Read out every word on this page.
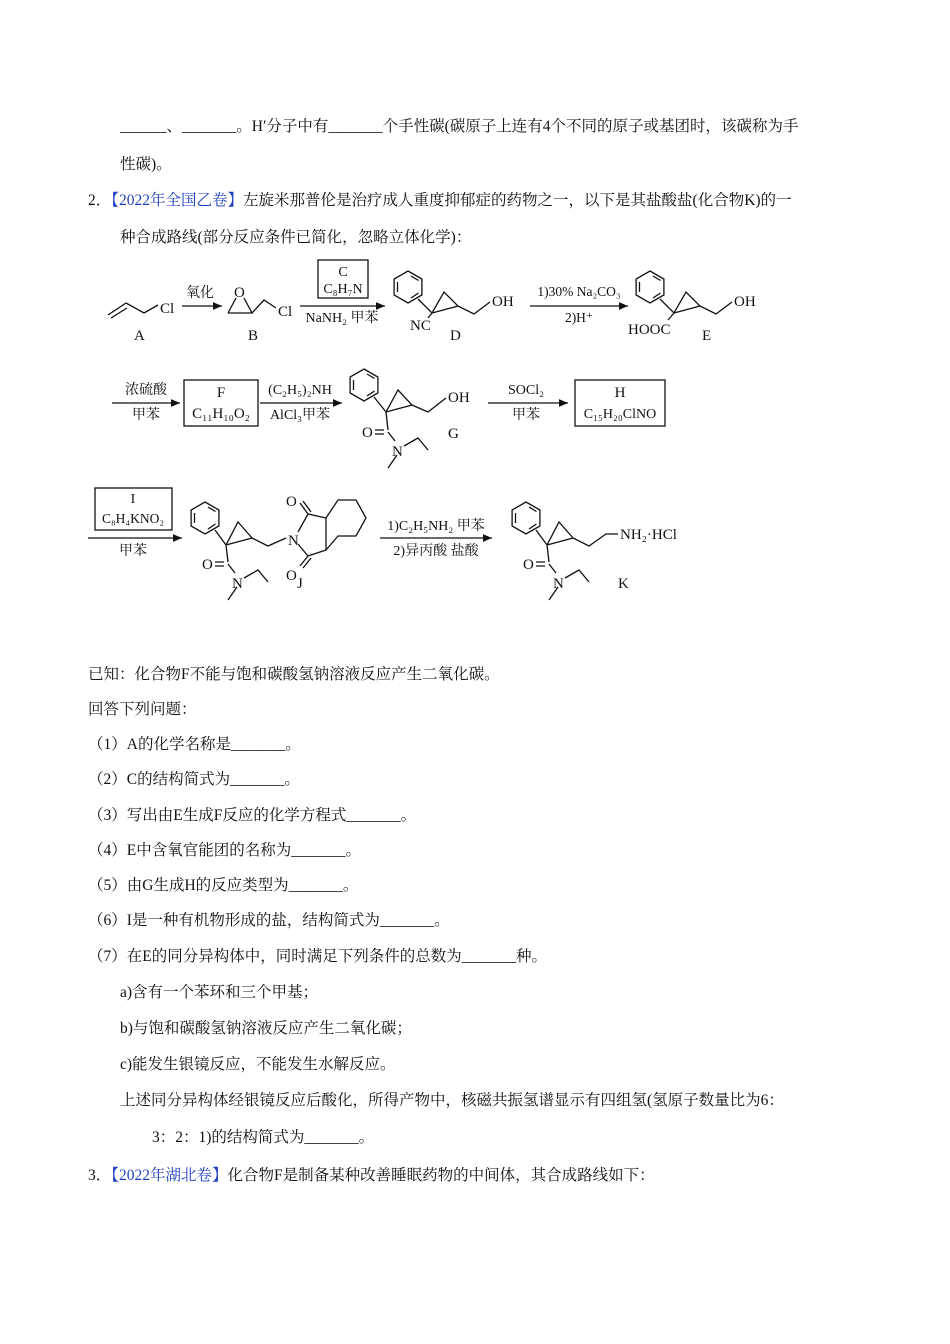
______、_______。H′分子中有_______个手性碳(碳原子上连有4个不同的原子或基团时，该碳称为手
性碳)。
2．【2022年全国乙卷】左旋米那普伦是治疗成人重度抑郁症的药物之一，以下是其盐酸盐(化合物K)的一
种合成路线(部分反应条件已简化，忽略立体化学)：
Cl
A
氧化 O
Cl
B
C
C₈H₇N
NaNH₂ 甲苯
OH
NC
D
1)30% Na₂CO₃
2)H⁺
OH
HOOC E
浓硫酸
甲苯
F
C₁₁H₁₀O₂
(C₂H₅)₂NH
AlCl₃甲苯
OH
O
N
G
SOCl₂
甲苯
H
C₁₅H₂₀ClNO
I
C₈H₄KNO₂
甲苯
O
N
N
O
O J
1)C₂H₅NH₂ 甲苯
2)异丙酸 盐酸
NH₂·HCl
O
N	K
已知：化合物F不能与饱和碳酸氢钠溶液反应产生二氧化碳。
回答下列问题：
（1）A的化学名称是_______。
（2）C的结构简式为_______。
（3）写出由E生成F反应的化学方程式_______。
（4）E中含氧官能团的名称为_______。
（5）由G生成H的反应类型为_______。
（6）I是一种有机物形成的盐，结构简式为_______。
（7）在E的同分异构体中，同时满足下列条件的总数为_______种。
a)含有一个苯环和三个甲基；
b)与饱和碳酸氢钠溶液反应产生二氧化碳；
c)能发生银镜反应，不能发生水解反应。
上述同分异构体经银镜反应后酸化，所得产物中，核磁共振氢谱显示有四组氢(氢原子数量比为6：
3：2：1)的结构简式为_______。
3．【2022年湖北卷】化合物F是制备某种改善睡眠药物的中间体，其合成路线如下：
